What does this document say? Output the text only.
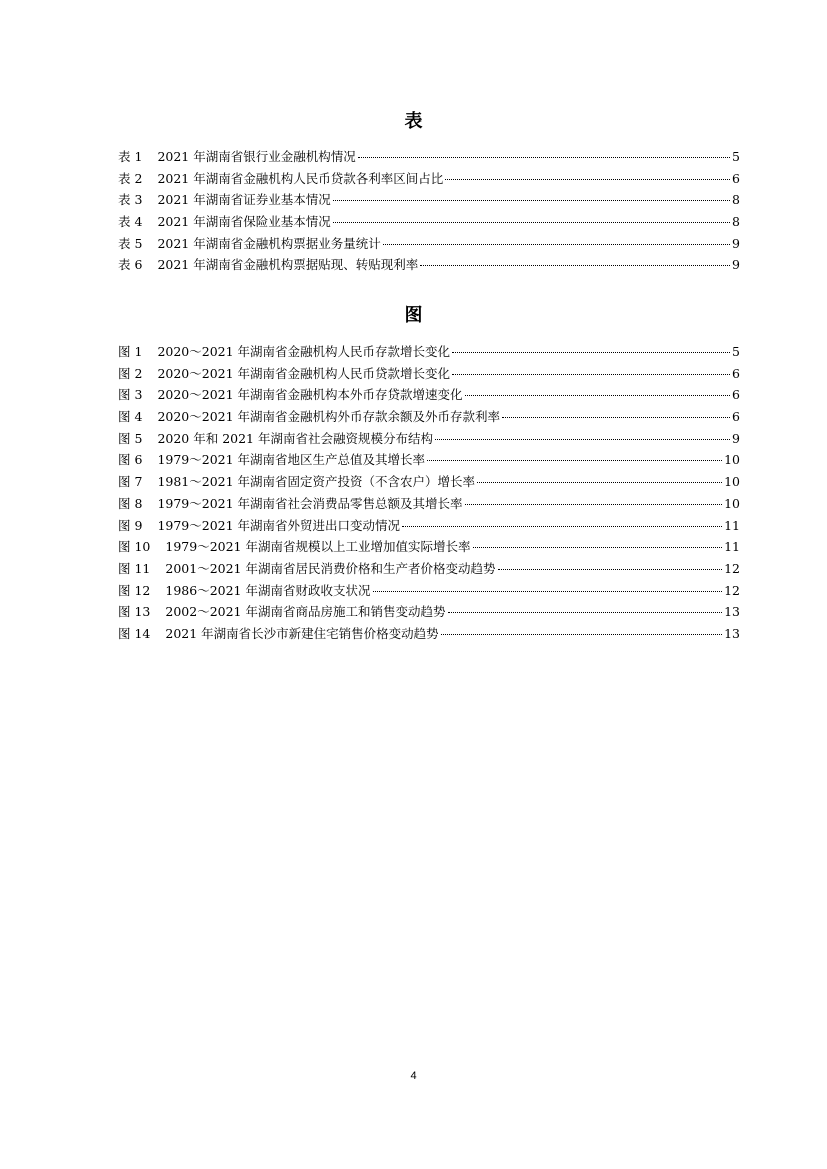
表
表 1 2021 年湖南省银行业金融机构情况	5
表 2 2021 年湖南省金融机构人民币贷款各利率区间占比	6
表 3 2021 年湖南省证券业基本情况	8
表 4 2021 年湖南省保险业基本情况	8
表 5 2021 年湖南省金融机构票据业务量统计	9
表 6 2021 年湖南省金融机构票据贴现、转贴现利率	9
图
图 1 2020～2021 年湖南省金融机构人民币存款增长变化	5
图 2 2020～2021 年湖南省金融机构人民币贷款增长变化	6
图 3 2020～2021 年湖南省金融机构本外币存贷款增速变化	6
图 4 2020～2021 年湖南省金融机构外币存款余额及外币存款利率	6
图 5 2020 年和 2021 年湖南省社会融资规模分布结构	9
图 6 1979～2021 年湖南省地区生产总值及其增长率	10
图 7 1981～2021 年湖南省固定资产投资（不含农户）增长率	10
图 8 1979～2021 年湖南省社会消费品零售总额及其增长率	10
图 9 1979～2021 年湖南省外贸进出口变动情况	11
图 10 1979～2021 年湖南省规模以上工业增加值实际增长率	11
图 11 2001～2021 年湖南省居民消费价格和生产者价格变动趋势	12
图 12 1986～2021 年湖南省财政收支状况	12
图 13 2002～2021 年湖南省商品房施工和销售变动趋势	13
图 14 2021 年湖南省长沙市新建住宅销售价格变动趋势	13
4
